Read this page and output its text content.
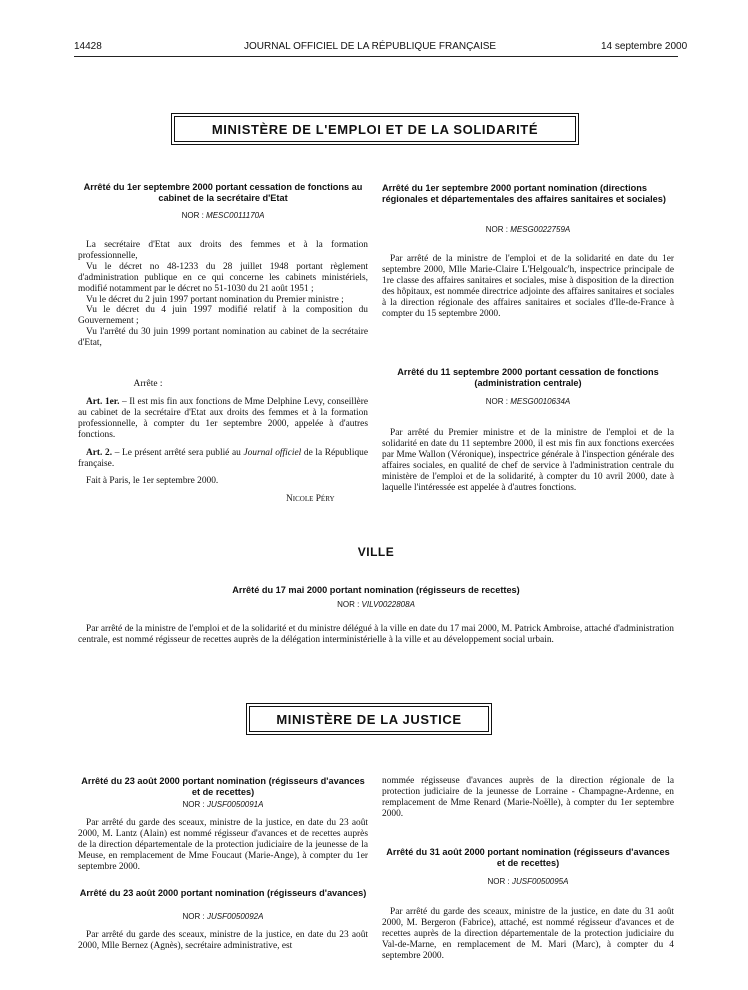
14428	JOURNAL OFFICIEL DE LA RÉPUBLIQUE FRANÇAISE	14 septembre 2000
MINISTÈRE DE L'EMPLOI ET DE LA SOLIDARITÉ
Arrêté du 1er septembre 2000 portant cessation de fonctions au cabinet de la secrétaire d'Etat
NOR : MESC0011170A

La secrétaire d'Etat aux droits des femmes et à la formation professionnelle,

Vu le décret no 48-1233 du 28 juillet 1948 portant règlement d'administration publique en ce qui concerne les cabinets ministériels, modifié notamment par le décret no 51-1030 du 21 août 1951 ;

Vu le décret du 2 juin 1997 portant nomination du Premier ministre ;

Vu le décret du 4 juin 1997 modifié relatif à la composition du Gouvernement ;

Vu l'arrêté du 30 juin 1999 portant nomination au cabinet de la secrétaire d'Etat,

Arrête :

Art. 1er. – Il est mis fin aux fonctions de Mme Delphine Levy, conseillère au cabinet de la secrétaire d'Etat aux droits des femmes et à la formation professionnelle, à compter du 1er septembre 2000, appelée à d'autres fonctions.

Art. 2. – Le présent arrêté sera publié au Journal officiel de la République française.

Fait à Paris, le 1er septembre 2000.

Nicole Péry
Arrêté du 1er septembre 2000 portant nomination (directions régionales et départementales des affaires sanitaires et sociales)
NOR : MESG0022759A

Par arrêté de la ministre de l'emploi et de la solidarité en date du 1er septembre 2000, Mlle Marie-Claire L'Helgoualc'h, inspectrice principale de 1re classe des affaires sanitaires et sociales, mise à disposition de la direction des hôpitaux, est nommée directrice adjointe des affaires sanitaires et sociales à la direction régionale des affaires sanitaires et sociales d'Ile-de-France à compter du 15 septembre 2000.

Arrêté du 11 septembre 2000 portant cessation de fonctions (administration centrale)
NOR : MESG0010634A

Par arrêté du Premier ministre et de la ministre de l'emploi et de la solidarité en date du 11 septembre 2000, il est mis fin aux fonctions exercées par Mme Wallon (Véronique), inspectrice générale à l'inspection générale des affaires sociales, en qualité de chef de service à l'administration centrale du ministère de l'emploi et de la solidarité, à compter du 10 avril 2000, date à laquelle l'intéressée est appelée à d'autres fonctions.

VILLE
Arrêté du 17 mai 2000 portant nomination (régisseurs de recettes)
NOR : VILV0022808A

Par arrêté de la ministre de l'emploi et de la solidarité et du ministre délégué à la ville en date du 17 mai 2000, M. Patrick Ambroise, attaché d'administration centrale, est nommé régisseur de recettes auprès de la délégation interministérielle à la ville et au développement social urbain.

MINISTÈRE DE LA JUSTICE
Arrêté du 23 août 2000 portant nomination (régisseurs d'avances et de recettes)
NOR : JUSF0050091A

Par arrêté du garde des sceaux, ministre de la justice, en date du 23 août 2000, M. Lantz (Alain) est nommé régisseur d'avances et de recettes auprès de la direction départementale de la protection judiciaire de la jeunesse de la Meuse, en remplacement de Mme Foucaut (Marie-Ange), à compter du 1er septembre 2000.

Arrêté du 23 août 2000 portant nomination (régisseurs d'avances)
NOR : JUSF0050092A

Par arrêté du garde des sceaux, ministre de la justice, en date du 23 août 2000, Mlle Bernez (Agnès), secrétaire administrative, est

nommée régisseuse d'avances auprès de la direction régionale de la protection judiciaire de la jeunesse de Lorraine - Champagne-Ardenne, en remplacement de Mme Renard (Marie-Noëlle), à compter du 1er septembre 2000.

Arrêté du 31 août 2000 portant nomination (régisseurs d'avances et de recettes)
NOR : JUSF0050095A

Par arrêté du garde des sceaux, ministre de la justice, en date du 31 août 2000, M. Bergeron (Fabrice), attaché, est nommé régisseur d'avances et de recettes auprès de la direction départementale de la protection judiciaire du Val-de-Marne, en remplacement de M. Mari (Marc), à compter du 4 septembre 2000.
